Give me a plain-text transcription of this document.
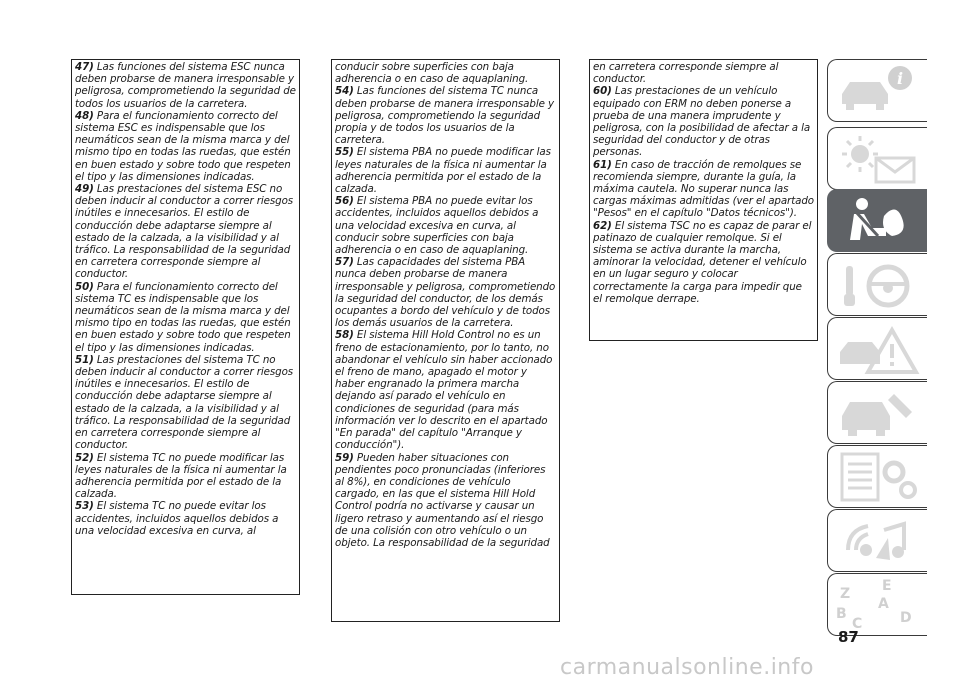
47) Las funciones del sistema ESC nunca deben probarse de manera irresponsable y peligrosa, comprometiendo la seguridad de todos los usuarios de la carretera.

48) Para el funcionamiento correcto del sistema ESC es indispensable que los neumáticos sean de la misma marca y del mismo tipo en todas las ruedas, que estén en buen estado y sobre todo que respeten el tipo y las dimensiones indicadas.

49) Las prestaciones del sistema ESC no deben inducir al conductor a correr riesgos inútiles e innecesarios. El estilo de conducción debe adaptarse siempre al estado de la calzada, a la visibilidad y al tráfico. La responsabilidad de la seguridad en carretera corresponde siempre al conductor.

50) Para el funcionamiento correcto del sistema TC es indispensable que los neumáticos sean de la misma marca y del mismo tipo en todas las ruedas, que estén en buen estado y sobre todo que respeten el tipo y las dimensiones indicadas.

51) Las prestaciones del sistema TC no deben inducir al conductor a correr riesgos inútiles e innecesarios. El estilo de conducción debe adaptarse siempre al estado de la calzada, a la visibilidad y al tráfico. La responsabilidad de la seguridad en carretera corresponde siempre al conductor.

52) El sistema TC no puede modificar las leyes naturales de la física ni aumentar la adherencia permitida por el estado de la calzada.

53) El sistema TC no puede evitar los accidentes, incluidos aquellos debidos a una velocidad excesiva en curva, al

conducir sobre superficies con baja adherencia o en caso de aquaplaning.

54) Las funciones del sistema TC nunca deben probarse de manera irresponsable y peligrosa, comprometiendo la seguridad propia y de todos los usuarios de la carretera.

55) El sistema PBA no puede modificar las leyes naturales de la física ni aumentar la adherencia permitida por el estado de la calzada.

56) El sistema PBA no puede evitar los accidentes, incluidos aquellos debidos a una velocidad excesiva en curva, al conducir sobre superficies con baja adherencia o en caso de aquaplaning.

57) Las capacidades del sistema PBA nunca deben probarse de manera irresponsable y peligrosa, comprometiendo la seguridad del conductor, de los demás ocupantes a bordo del vehículo y de todos los demás usuarios de la carretera.

58) El sistema Hill Hold Control no es un freno de estacionamiento, por lo tanto, no abandonar el vehículo sin haber accionado el freno de mano, apagado el motor y haber engranado la primera marcha dejando así parado el vehículo en condiciones de seguridad (para más información ver lo descrito en el apartado "En parada" del capítulo "Arranque y conducción").

59) Pueden haber situaciones con pendientes poco pronunciadas (inferiores al 8%), en condiciones de vehículo cargado, en las que el sistema Hill Hold Control podría no activarse y causar un ligero retraso y aumentando así el riesgo de una colisión con otro vehículo o un objeto. La responsabilidad de la seguridad

en carretera corresponde siempre al conductor.

60) Las prestaciones de un vehículo equipado con ERM no deben ponerse a prueba de una manera imprudente y peligrosa, con la posibilidad de afectar a la seguridad del conductor y de otras personas.

61) En caso de tracción de remolques se recomienda siempre, durante la guía, la máxima cautela. No superar nunca las cargas máximas admitidas (ver el apartado "Pesos" en el capítulo "Datos técnicos").

62) El sistema TSC no es capaz de parar el patinazo de cualquier remolque. Si el sistema se activa durante la marcha, aminorar la velocidad, detener el vehículo en un lugar seguro y colocar correctamente la carga para impedir que el remolque derrape.

i
Z E
B
A
C	D
87
carmanualsonline.info
